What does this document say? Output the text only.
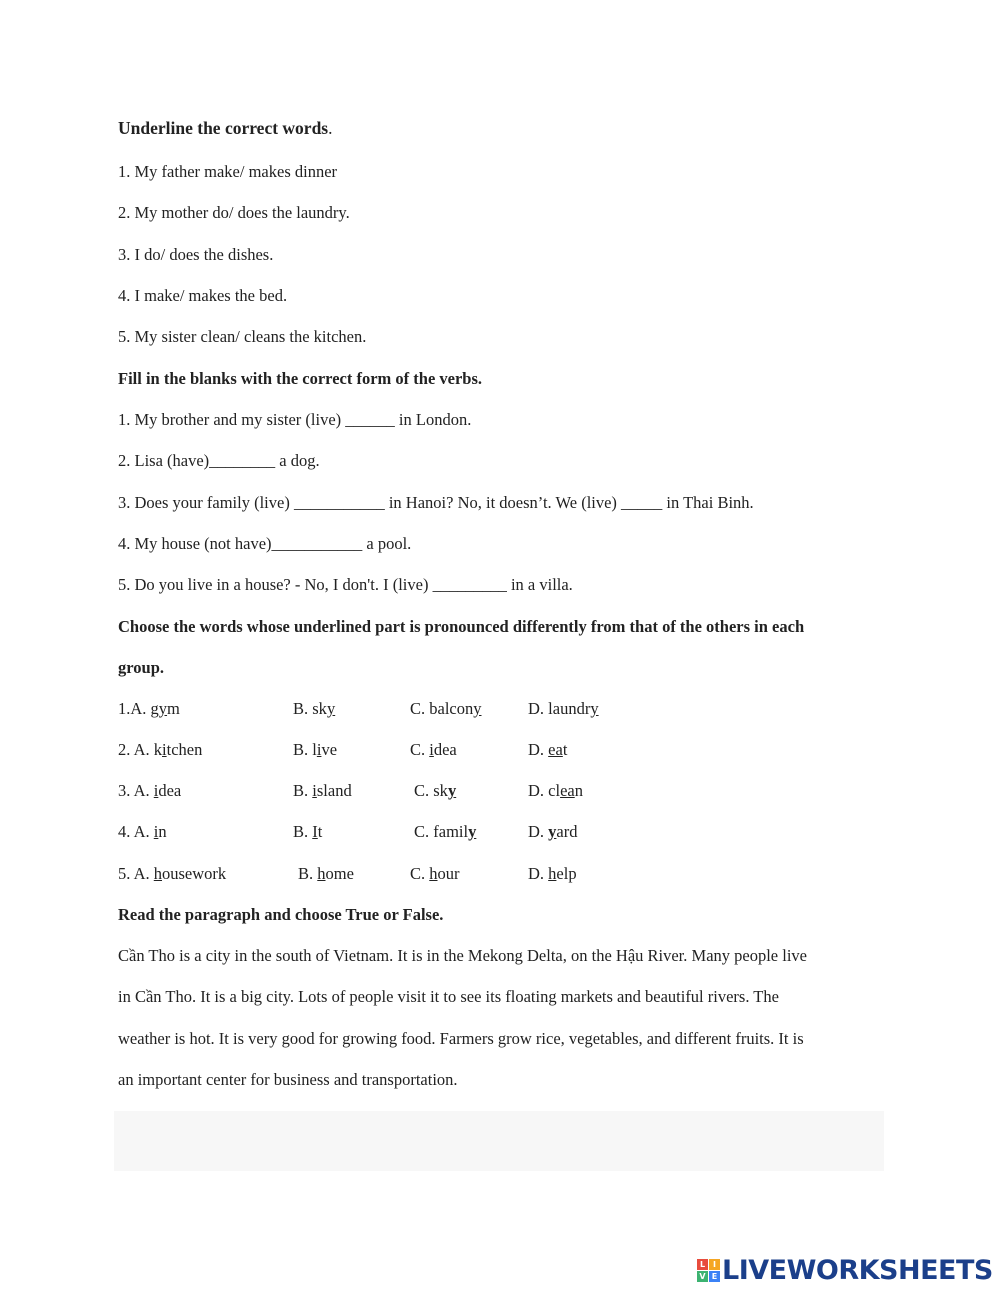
Underline the correct words.
1. My father make/ makes dinner
2. My mother do/ does the laundry.
3. I do/ does the dishes.
4. I make/ makes the bed.
5. My sister clean/ cleans the kitchen.
Fill in the blanks with the correct form of the verbs.
1. My brother and my sister (live) ______ in London.
2. Lisa (have)________ a dog.
3. Does your family (live) ___________ in Hanoi? No, it doesn’t. We (live) _____ in Thai Binh.
4. My house (not have)___________ a pool.
5. Do you live in a house? - No, I don't. I (live) _________ in a villa.
Choose the words whose underlined part is pronounced differently from that of the others in each
group.
1.A. gym	B. sky	C. balcony	D. laundry
2. A. kitchen	B. live	C. idea	D. eat
3. A. idea	B. island	C. sky	D. clean
4. A. in	B. It	C. family	D. yard
5. A. housework	B. home	C. hour	D. help
Read the paragraph and choose True or False.
Cần Tho is a city in the south of Vietnam. It is in the Mekong Delta, on the Hậu River. Many people live
in Cần Tho. It is a big city. Lots of people visit it to see its floating markets and beautiful rivers. The
weather is hot. It is very good for growing food. Farmers grow rice, vegetables, and different fruits. It is
an important center for business and transportation.
L I
V E LIVEWORKSHEETS
